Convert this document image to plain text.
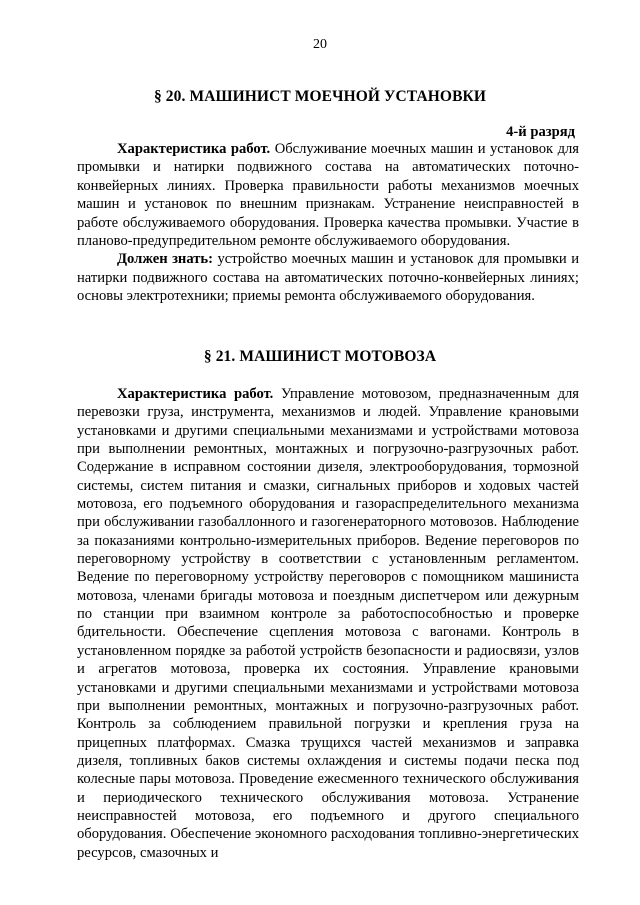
20
§ 20. МАШИНИСТ МОЕЧНОЙ УСТАНОВКИ
4-й разряд

Характеристика работ. Обслуживание моечных машин и установок для промывки и натирки подвижного состава на автоматических поточно-конвейерных линиях. Проверка правильности работы механизмов моечных машин и установок по внешним признакам. Устранение неисправностей в работе обслуживаемого оборудования. Проверка качества промывки. Участие в планово-предупредительном ремонте обслуживаемого оборудования.

Должен знать: устройство моечных машин и установок для промывки и натирки подвижного состава на автоматических поточно-конвейерных линиях; основы электротехники; приемы ремонта обслуживаемого оборудования.

§ 21. МАШИНИСТ МОТОВОЗА

Характеристика работ. Управление мотовозом, предназначенным для перевозки груза, инструмента, механизмов и людей. Управление крановыми установками и другими специальными механизмами и устройствами мотовоза при выполнении ремонтных, монтажных и погрузочно-разгрузочных работ. Содержание в исправном состоянии дизеля, электрооборудования, тормозной системы, систем питания и смазки, сигнальных приборов и ходовых частей мотовоза, его подъемного оборудования и газораспределительного механизма при обслуживании газобаллонного и газогенераторного мотовозов. Наблюдение за показаниями контрольно-измерительных приборов. Ведение переговоров по переговорному устройству в соответствии с установленным регламентом. Ведение по переговорному устройству переговоров с помощником машиниста мотовоза, членами бригады мотовоза и поездным диспетчером или дежурным по станции при взаимном контроле за работоспособностью и проверке бдительности. Обеспечение сцепления мотовоза с вагонами. Контроль в установленном порядке за работой устройств безопасности и радиосвязи, узлов и агрегатов мотовоза, проверка их состояния. Управление крановыми установками и другими специальными механизмами и устройствами мотовоза при выполнении ремонтных, монтажных и погрузочно-разгрузочных работ. Контроль за соблюдением правильной погрузки и крепления груза на прицепных платформах. Смазка трущихся частей механизмов и заправка дизеля, топливных баков системы охлаждения и системы подачи песка под колесные пары мотовоза. Проведение ежесменного технического обслуживания и периодического технического обслуживания мотовоза. Устранение неисправностей мотовоза, его подъемного и другого специального оборудования. Обеспечение экономного расходования топливно-энергетических ресурсов, смазочных и
